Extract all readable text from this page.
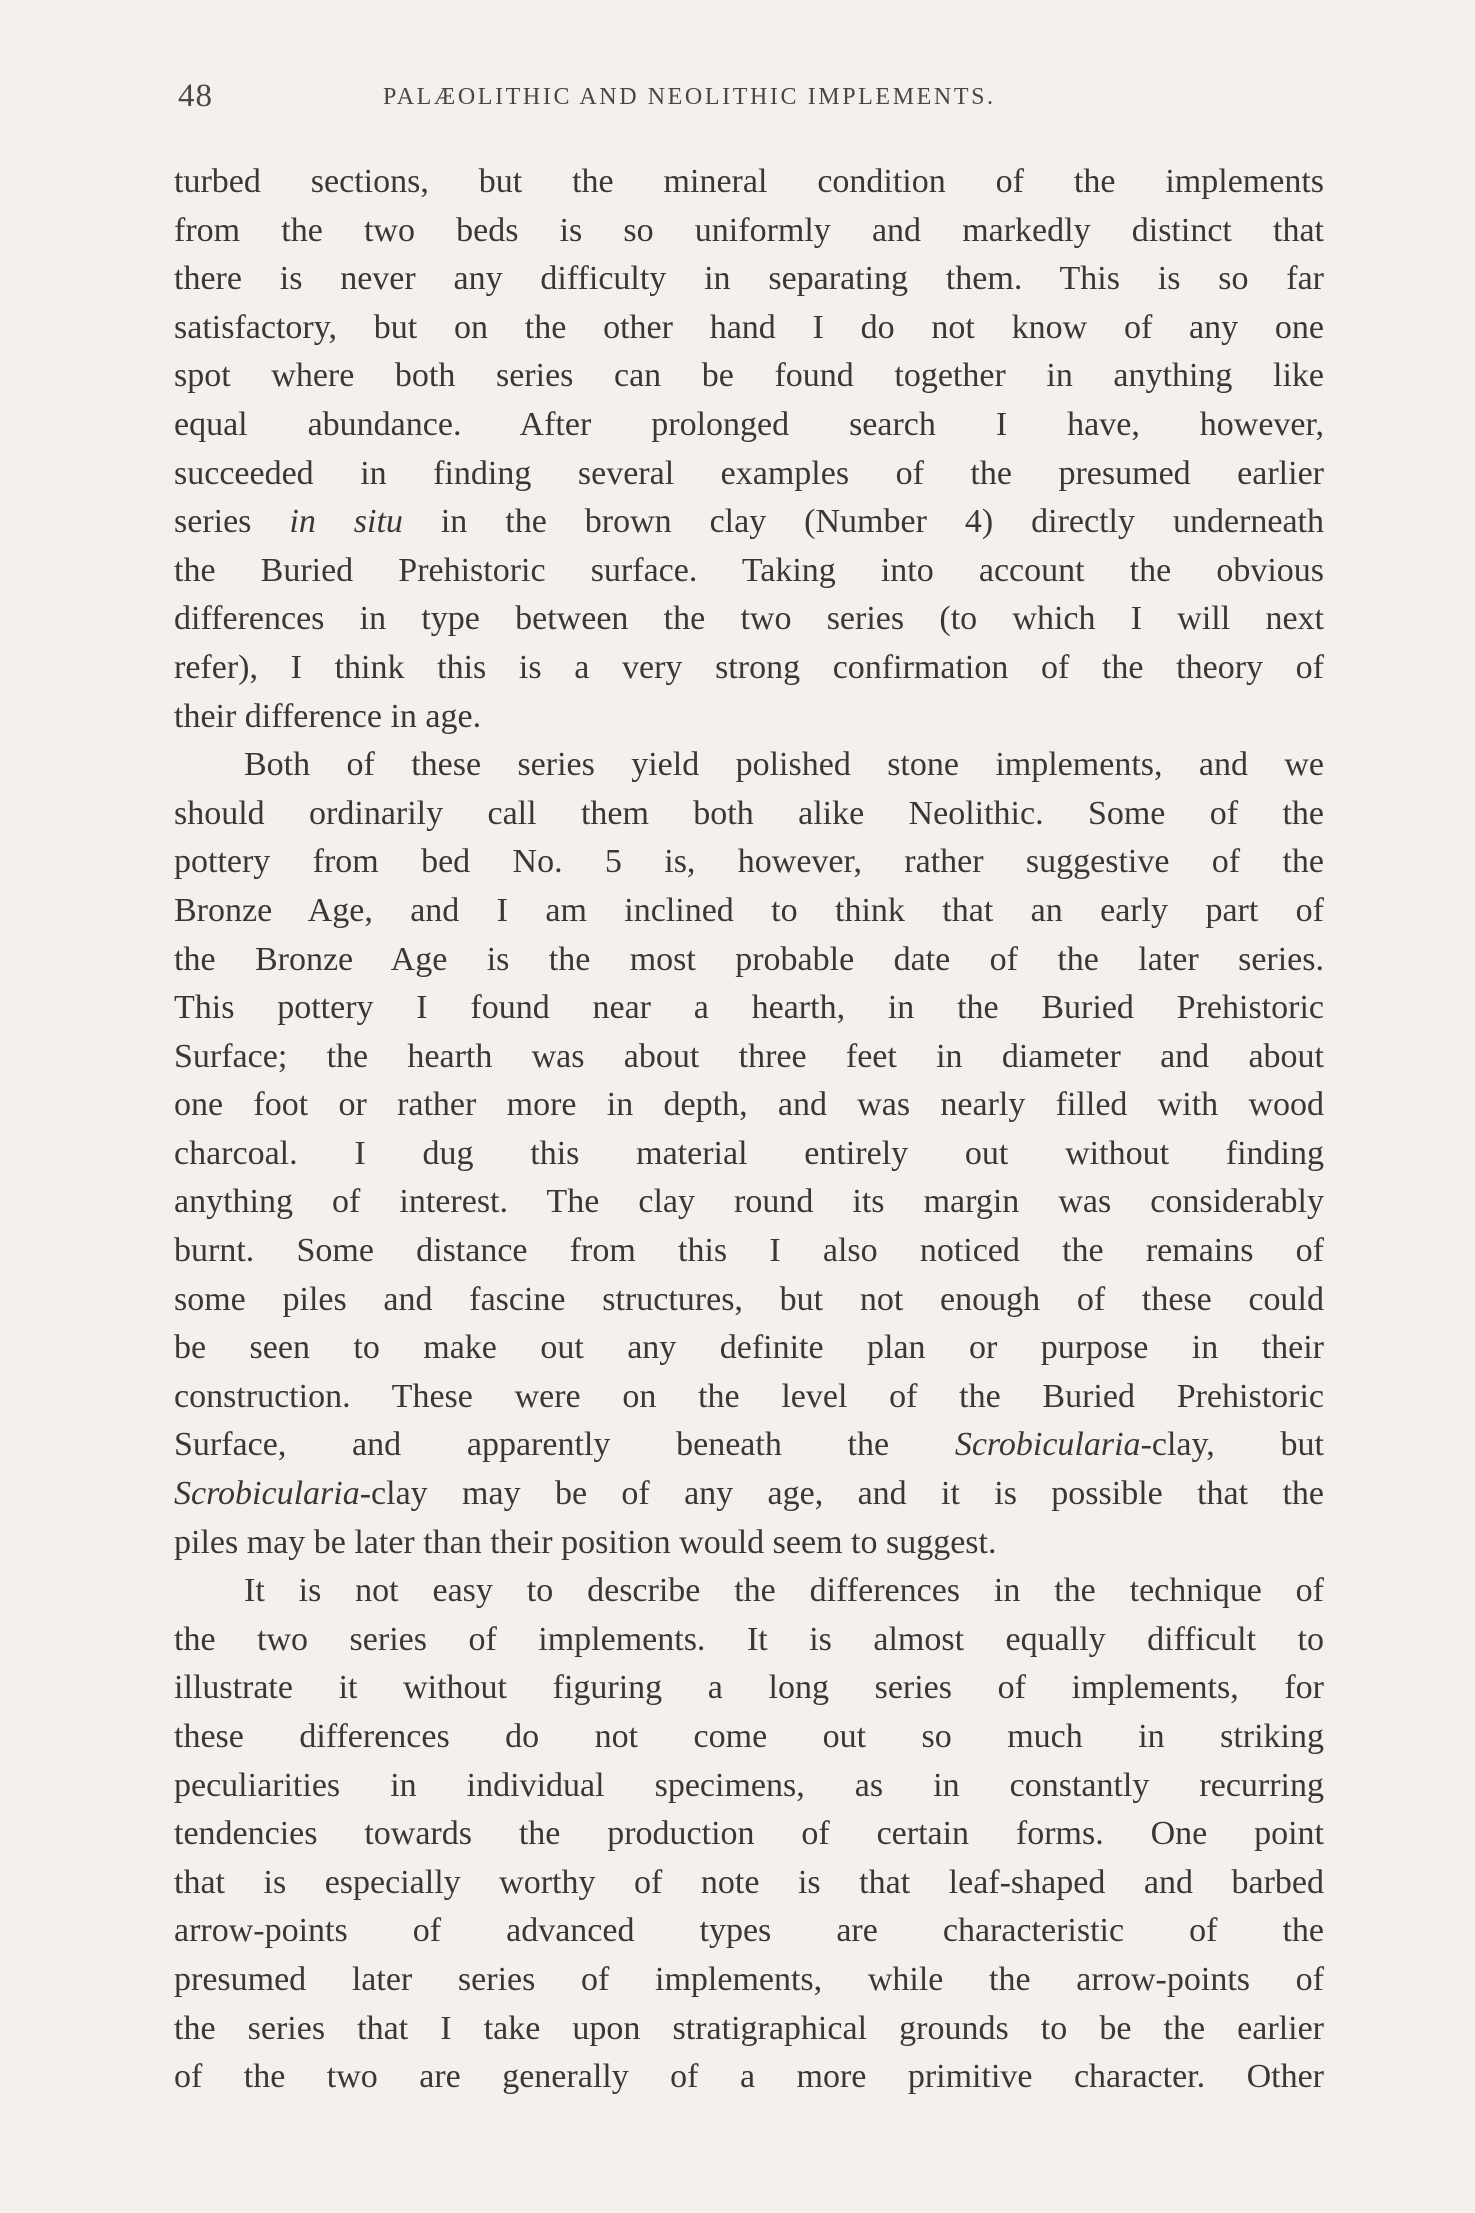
48	PALÆOLITHIC AND NEOLITHIC IMPLEMENTS.
turbed sections, but the mineral condition of the implements
from the two beds is so uniformly and markedly distinct that
there is never any difficulty in separating them. This is so far
satisfactory, but on the other hand I do not know of any one
spot where both series can be found together in anything like
equal abundance. After prolonged search I have, however,
succeeded in finding several examples of the presumed earlier
series in situ in the brown clay (Number 4) directly underneath
the Buried Prehistoric surface. Taking into account the obvious
differences in type between the two series (to which I will next
refer), I think this is a very strong confirmation of the theory of
their difference in age.
Both of these series yield polished stone implements, and we
should ordinarily call them both alike Neolithic. Some of the
pottery from bed No. 5 is, however, rather suggestive of the
Bronze Age, and I am inclined to think that an early part of
the Bronze Age is the most probable date of the later series.
This pottery I found near a hearth, in the Buried Prehistoric
Surface; the hearth was about three feet in diameter and about
one foot or rather more in depth, and was nearly filled with wood
charcoal. I dug this material entirely out without finding
anything of interest. The clay round its margin was considerably
burnt. Some distance from this I also noticed the remains of
some piles and fascine structures, but not enough of these could
be seen to make out any definite plan or purpose in their
construction. These were on the level of the Buried Prehistoric
Surface, and apparently beneath the Scrobicularia-clay, but
Scrobicularia-clay may be of any age, and it is possible that the
piles may be later than their position would seem to suggest.
It is not easy to describe the differences in the technique of
the two series of implements. It is almost equally difficult to
illustrate it without figuring a long series of implements, for
these differences do not come out so much in striking
peculiarities in individual specimens, as in constantly recurring
tendencies towards the production of certain forms. One point
that is especially worthy of note is that leaf-shaped and barbed
arrow-points of advanced types are characteristic of the
presumed later series of implements, while the arrow-points of
the series that I take upon stratigraphical grounds to be the earlier
of the two are generally of a more primitive character. Other
